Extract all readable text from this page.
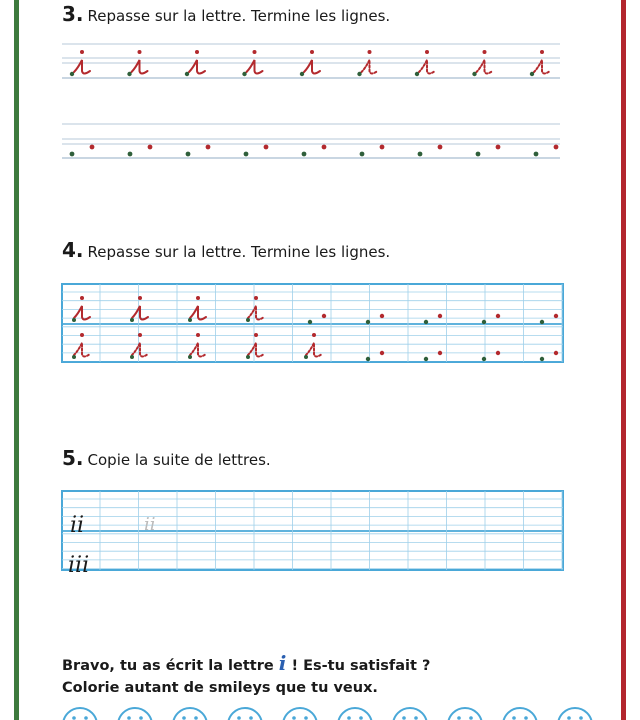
3. Repasse sur la lettre. Termine les lignes.
4. Repasse sur la lettre. Termine les lignes.
5. Copie la suite de lettres.
ii	ii
iii
Bravo, tu as écrit la lettre i ! Es-tu satisfait ?
Colorie autant de smileys que tu veux.
